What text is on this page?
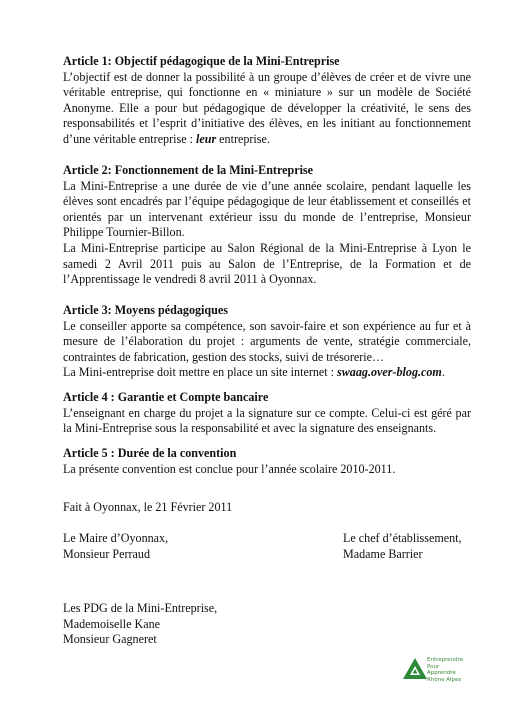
Article 1: Objectif pédagogique de la Mini-Entreprise

L’objectif est de donner la possibilité à un groupe d’élèves de créer et de vivre une véritable entreprise, qui fonctionne en « miniature » sur un modèle de Société Anonyme. Elle a pour but pédagogique de développer la créativité, le sens des responsabilités et l’esprit d’initiative des élèves, en les initiant au fonctionnement d’une véritable entreprise : leur entreprise.

Article 2: Fonctionnement de la Mini-Entreprise

La Mini-Entreprise a une durée de vie d’une année scolaire, pendant laquelle les élèves sont encadrés par l’équipe pédagogique de leur établissement et conseillés et orientés par un intervenant extérieur issu du monde de l’entreprise, Monsieur Philippe Tournier-Billon.

La Mini-Entreprise participe au Salon Régional de la Mini-Entreprise à Lyon le samedi 2 Avril 2011 puis au Salon de l’Entreprise, de la Formation et de l’Apprentissage le vendredi 8 avril 2011 à Oyonnax.

Article 3: Moyens pédagogiques

Le conseiller apporte sa compétence, son savoir-faire et son expérience au fur et à mesure de l’élaboration du projet : arguments de vente, stratégie commerciale, contraintes de fabrication, gestion des stocks, suivi de trésorerie…

La Mini-entreprise doit mettre en place un site internet : swaag.over-blog.com.

Article 4 : Garantie et Compte bancaire

L’enseignant en charge du projet a la signature sur ce compte. Celui-ci est géré par la Mini-Entreprise sous la responsabilité et avec la signature des enseignants.

Article 5 : Durée de la convention

La présente convention est conclue pour l’année scolaire 2010-2011.

Fait à Oyonnax, le 21 Février 2011
Le Maire d’Oyonnax,
Monsieur Perraud
Le chef d’établissement,
Madame Barrier
Les PDG de la Mini-Entreprise,
Mademoiselle Kane
Monsieur Gagneret
Entreprendre
Pour
Apprendre
Rhône Alpes
